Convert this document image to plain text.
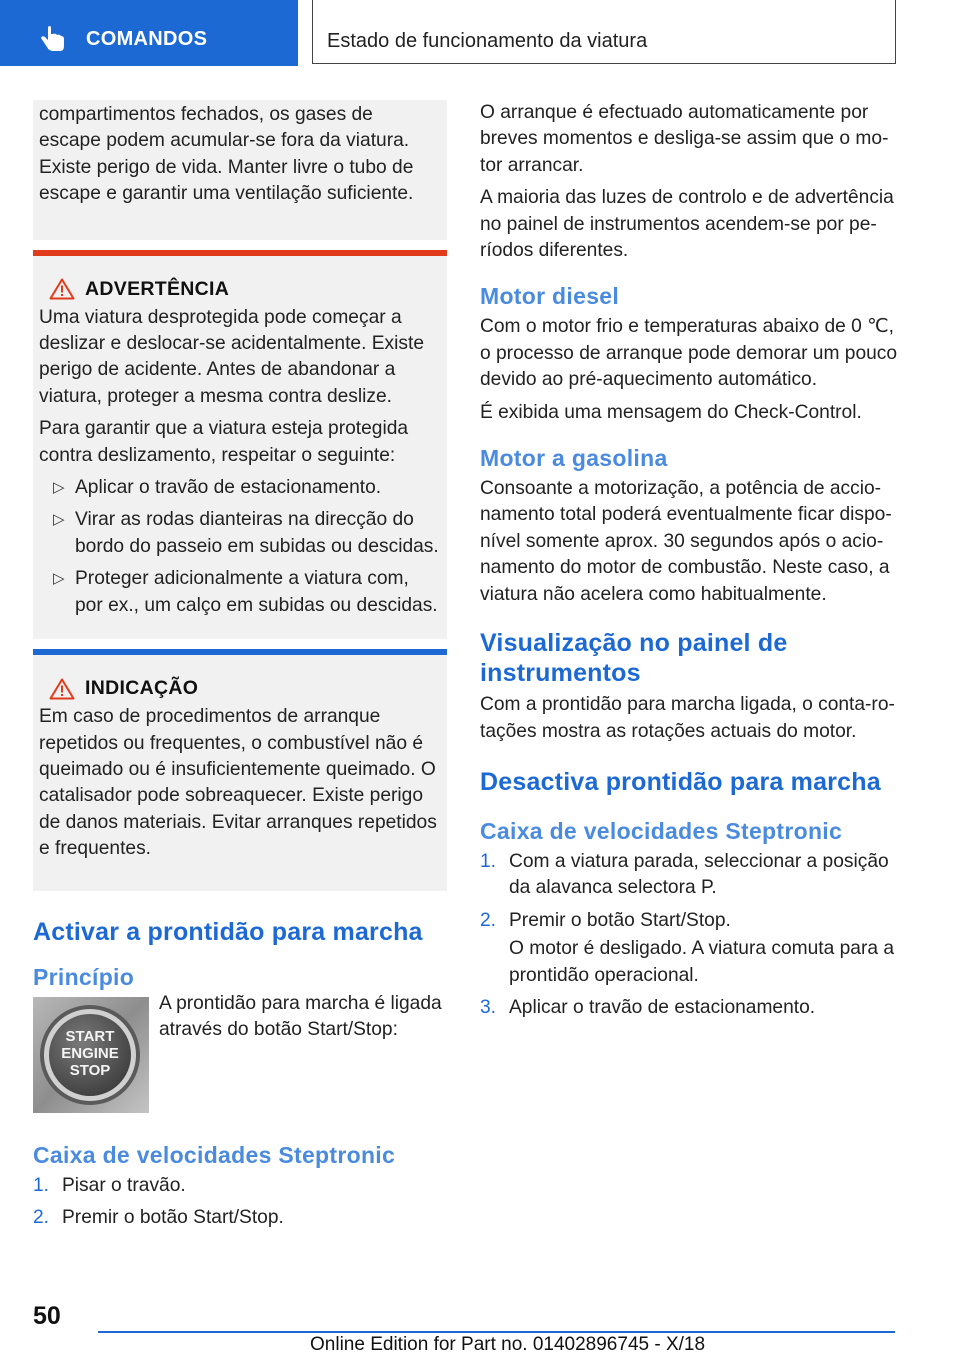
COMANDOS	Estado de funcionamento da viatura

compartimentos fechados, os gases de escape podem acumular-se fora da viatura. Existe perigo de vida. Manter livre o tubo de escape e garantir uma ventilação suficiente.

ADVERTÊNCIA

Uma viatura desprotegida pode começar a deslizar e deslocar-se acidentalmente. Existe perigo de acidente. Antes de abandonar a viatura, proteger a mesma contra deslize.

Para garantir que a viatura esteja protegida contra deslizamento, respeitar o seguinte:

▷ Aplicar o travão de estacionamento.
▷ Virar as rodas dianteiras na direcção do bordo do passeio em subidas ou descidas.
▷ Proteger adicionalmente a viatura com, por ex., um calço em subidas ou descidas.
INDICAÇÃO

Em caso de procedimentos de arranque repetidos ou frequentes, o combustível não é queimado ou é insuficientemente queimado. O catalisador pode sobreaquecer. Existe perigo de danos materiais. Evitar arranques repetidos e frequentes.

Activar a prontidão para marcha
Princípio
START
ENGINE
STOP

A prontidão para marcha é ligada através do botão Start/Stop:

Caixa de velocidades Steptronic
1. Pisar o travão.
2. Premir o botão Start/Stop.

O arranque é efectuado automaticamente por breves momentos e desliga-se assim que o motor arrancar.

A maioria das luzes de controlo e de advertência no painel de instrumentos acendem-se por períodos diferentes.

Motor diesel

Com o motor frio e temperaturas abaixo de 0 ℃, o processo de arranque pode demorar um pouco devido ao pré-aquecimento automático.

É exibida uma mensagem do Check-Control.

Motor a gasolina

Consoante a motorização, a potência de accionamento total poderá eventualmente ficar disponível somente aprox. 30 segundos após o acionamento do motor de combustão. Neste caso, a viatura não acelera como habitualmente.

Visualização no painel de instrumentos

Com a prontidão para marcha ligada, o conta-rotações mostra as rotações actuais do motor.

Desactiva prontidão para marcha
Caixa de velocidades Steptronic
1. Com a viatura parada, seleccionar a posição da alavanca selectora P.
2. Premir o botão Start/Stop.
O motor é desligado. A viatura comuta para a prontidão operacional.
3. Aplicar o travão de estacionamento.
50
Online Edition for Part no. 01402896745 - X/18
